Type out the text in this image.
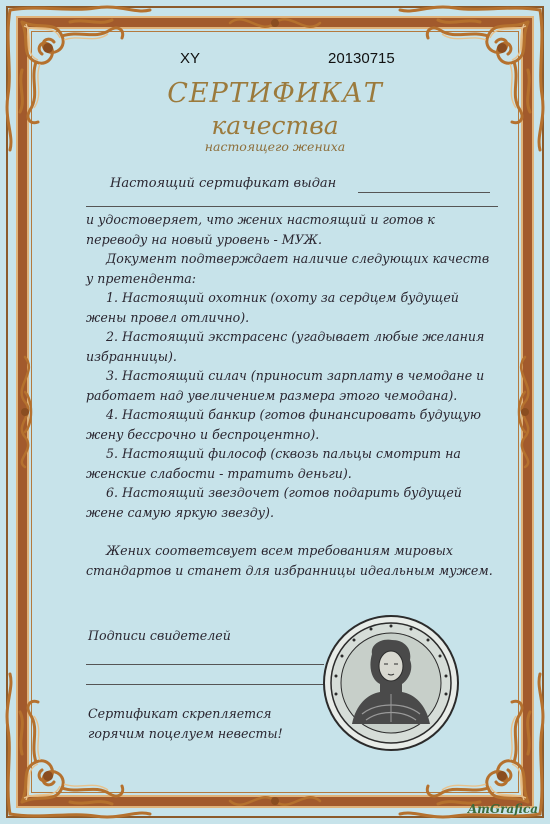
XY	20130715
СЕРТИФИКАТ
качества
настоящего жениха
Настоящий сертификат выдан

и удостоверяет, что жених настоящий и готов к переводу на новый уровень - МУЖ.

Документ подтверждает наличие следующих качеств у претендента:

1. Настоящий охотник (охоту за сердцем будущей жены провел отлично).

2. Настоящий экстрасенс (угадывает любые желания избранницы).

3. Настоящий силач (приносит зарплату в чемодане и работает над увеличением размера этого чемодана).

4. Настоящий банкир (готов финансировать будущую жену бессрочно и беспроцентно).

5. Настоящий философ (сквозь пальцы смотрит на женские слабости - тратить деньги).

6. Настоящий звездочет (готов подарить будущей жене самую яркую звезду).

Жених соответсвует всем требованиям мировых стандартов и станет для избранницы идеальным мужем.

Подписи свидетелей
Сертификат скрепляется
горячим поцелуем невесты!
AmGrafica
